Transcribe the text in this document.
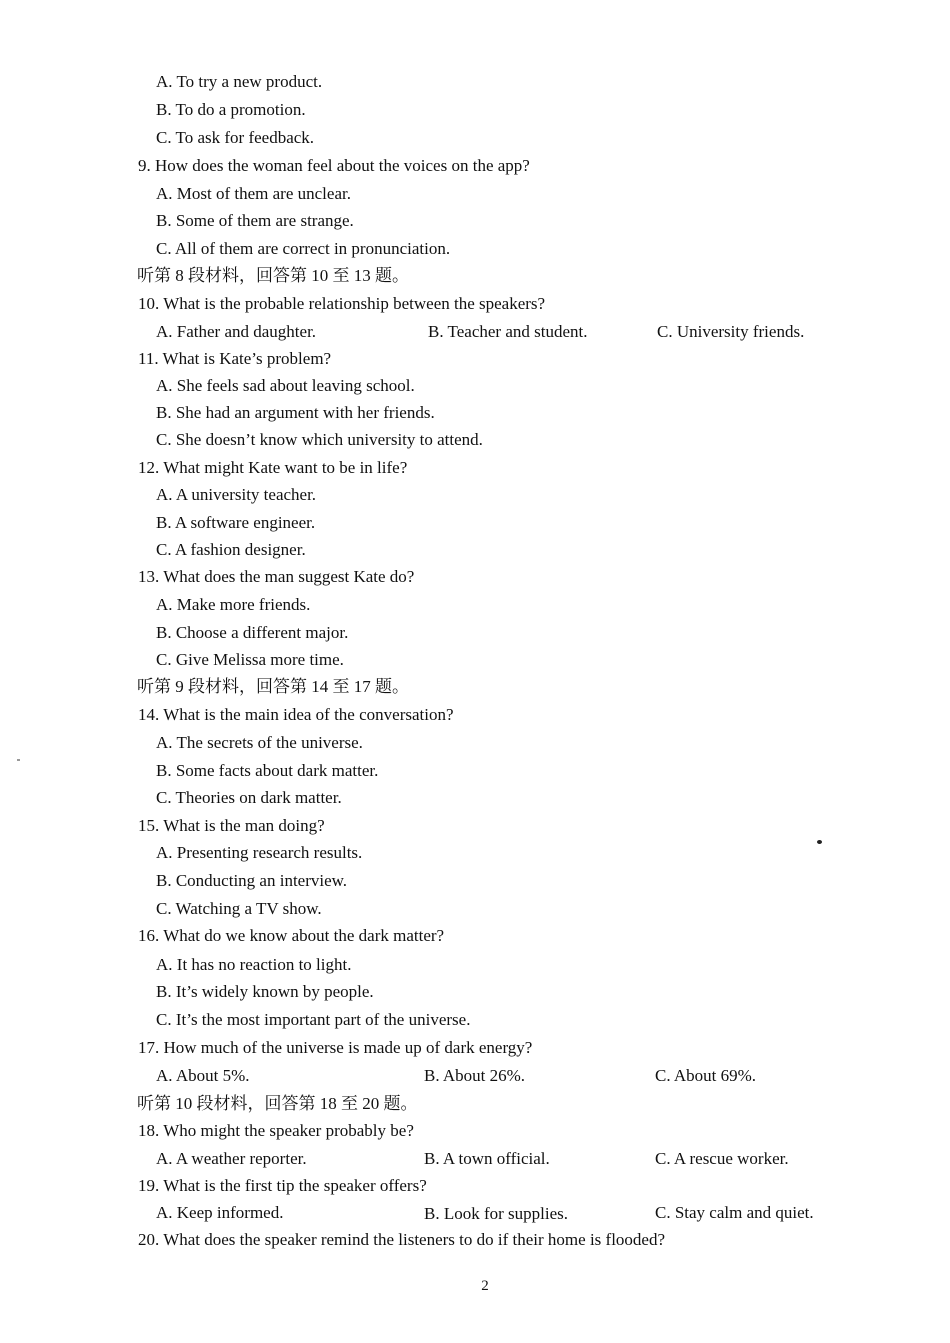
A. To try a new product.
B. To do a promotion.
C. To ask for feedback.
9. How does the woman feel about the voices on the app?
A. Most of them are unclear.
B. Some of them are strange.
C. All of them are correct in pronunciation.
听第 8 段材料，回答第 10 至 13 题。
10. What is the probable relationship between the speakers?
A. Father and daughter.	B. Teacher and student.	C. University friends.
11. What is Kate’s problem?
A. She feels sad about leaving school.
B. She had an argument with her friends.
C. She doesn’t know which university to attend.
12. What might Kate want to be in life?
A. A university teacher.
B. A software engineer.
C. A fashion designer.
13. What does the man suggest Kate do?
A. Make more friends.
B. Choose a different major.
C. Give Melissa more time.
听第 9 段材料，回答第 14 至 17 题。
14. What is the main idea of the conversation?
A. The secrets of the universe.
B. Some facts about dark matter.
C. Theories on dark matter.
15. What is the man doing?
A. Presenting research results.
B. Conducting an interview.
C. Watching a TV show.
16. What do we know about the dark matter?
A. It has no reaction to light.
B. It’s widely known by people.
C. It’s the most important part of the universe.
17. How much of the universe is made up of dark energy?
A. About 5%.	B. About 26%.	C. About 69%.
听第 10 段材料，回答第 18 至 20 题。
18. Who might the speaker probably be?
A. A weather reporter.	B. A town official.	C. A rescue worker.
19. What is the first tip the speaker offers?
A. Keep informed.	B. Look for supplies.	C. Stay calm and quiet.
20. What does the speaker remind the listeners to do if their home is flooded?
2
